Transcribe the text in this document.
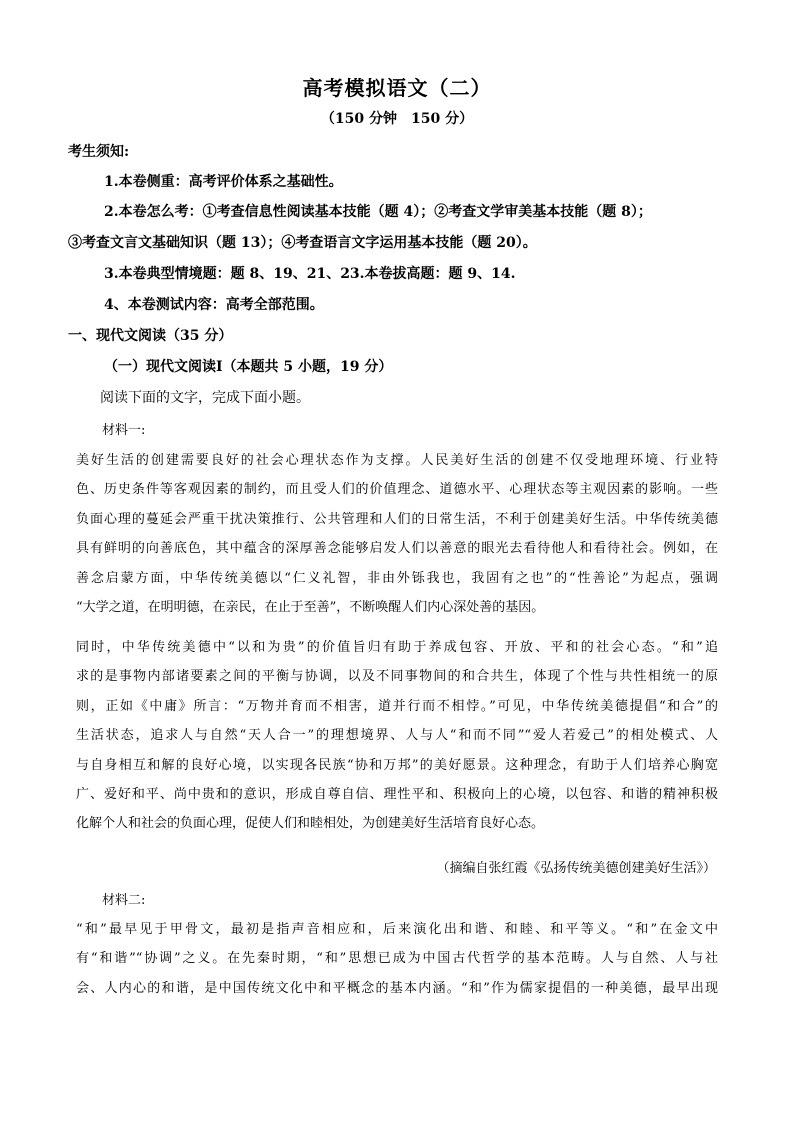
高考模拟语文（二）
（150 分钟　150 分）
考生须知:
1.本卷侧重：高考评价体系之基础性。
2.本卷怎么考：①考查信息性阅读基本技能（题 4）；②考查文学审美基本技能（题 8）；
③考查文言文基础知识（题 13）；④考查语言文字运用基本技能（题 20）。
3.本卷典型情境题：题 8、19、21、23.本卷拔高题：题 9、14.
4、本卷测试内容：高考全部范围。
一、现代文阅读（35 分）
（一）现代文阅读Ⅰ（本题共 5 小题，19 分）
阅读下面的文字，完成下面小题。
材料一:

美好生活的创建需要良好的社会心理状态作为支撑。人民美好生活的创建不仅受地理环境、行业特

色、历史条件等客观因素的制约，而且受人们的价值理念、道德水平、心理状态等主观因素的影响。一些

负面心理的蔓延会严重干扰决策推行、公共管理和人们的日常生活，不利于创建美好生活。中华传统美德

具有鲜明的向善底色，其中蕴含的深厚善念能够启发人们以善意的眼光去看待他人和看待社会。例如，在

善念启蒙方面，中华传统美德以“仁义礼智，非由外铄我也，我固有之也”的“性善论”为起点，强调

“大学之道，在明明德，在亲民，在止于至善”，不断唤醒人们内心深处善的基因。

同时，中华传统美德中“以和为贵”的价值旨归有助于养成包容、开放、平和的社会心态。“和”追

求的是事物内部诸要素之间的平衡与协调，以及不同事物间的和合共生，体现了个性与共性相统一的原

则，正如《中庸》所言：“万物并育而不相害，道并行而不相悖。”可见，中华传统美德提倡“和合”的

生活状态，追求人与自然“天人合一”的理想境界、人与人“和而不同”“爱人若爱己”的相处模式、人

与自身相互和解的良好心境，以实现各民族“协和万邦”的美好愿景。这种理念，有助于人们培养心胸宽

广、爱好和平、尚中贵和的意识，形成自尊自信、理性平和、积极向上的心境，以包容、和谐的精神积极

化解个人和社会的负面心理，促使人们和睦相处，为创建美好生活培育良好心态。

（摘编自张红霞《弘扬传统美德创建美好生活》）
材料二:

“和”最早见于甲骨文，最初是指声音相应和，后来演化出和谐、和睦、和平等义。“和”在金文中

有“和谐”“协调”之义。在先秦时期，“和”思想已成为中国古代哲学的基本范畴。人与自然、人与社

会、人内心的和谐，是中国传统文化中和平概念的基本内涵。“和”作为儒家提倡的一种美德，最早出现
